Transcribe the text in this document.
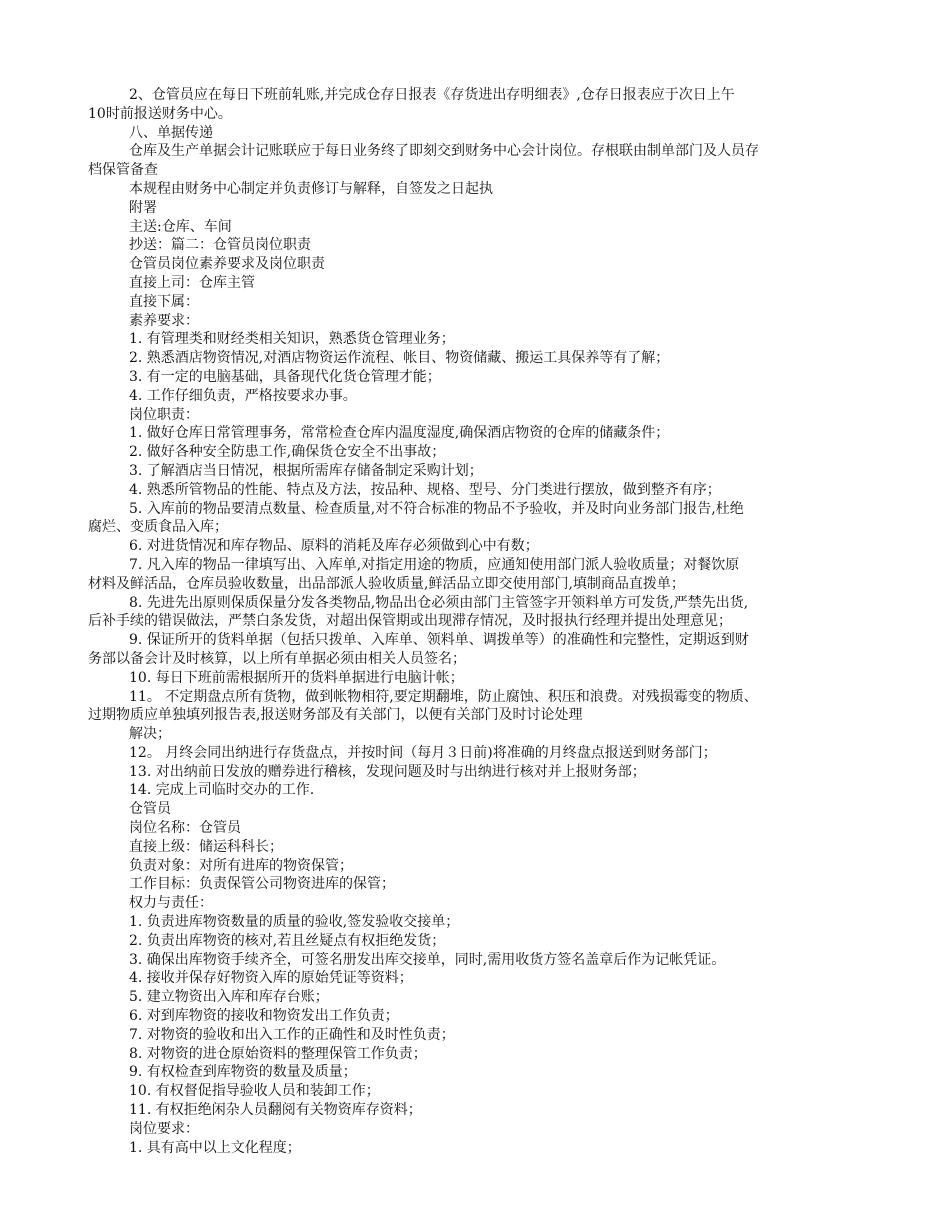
2、仓管员应在每日下班前轧账,并完成仓存日报表《存货进出存明细表》,仓存日报表应于次日上午

10时前报送财务中心。

八、单据传递

仓库及生产单据会计记账联应于每日业务终了即刻交到财务中心会计岗位。存根联由制单部门及人员存

档保管备查

本规程由财务中心制定并负责修订与解释，自签发之日起执

附署

主送:仓库、车间

抄送：篇二：仓管员岗位职责

仓管员岗位素养要求及岗位职责

直接上司：仓库主管

直接下属：

素养要求：

1. 有管理类和财经类相关知识，熟悉货仓管理业务；

2. 熟悉酒店物资情况,对酒店物资运作流程、帐目、物资储藏、搬运工具保养等有了解；

3. 有一定的电脑基础，具备现代化货仓管理才能；

4. 工作仔细负责，严格按要求办事。

岗位职责：

1. 做好仓库日常管理事务，常常检查仓库内温度湿度,确保酒店物资的仓库的储藏条件；

2. 做好各种安全防患工作,确保货仓安全不出事故；

3. 了解酒店当日情况，根据所需库存储备制定采购计划；

4. 熟悉所管物品的性能、特点及方法，按品种、规格、型号、分门类进行摆放，做到整齐有序；

5. 入库前的物品要清点数量、检查质量,对不符合标准的物品不予验收，并及时向业务部门报告,杜绝

腐烂、变质食品入库；

6. 对进货情况和库存物品、原料的消耗及库存必须做到心中有数；

7. 凡入库的物品一律填写出、入库单,对指定用途的物质，应通知使用部门派人验收质量；对餐饮原

材料及鲜活品，仓库员验收数量，出品部派人验收质量,鲜活品立即交使用部门,填制商品直拨单；

8. 先进先出原则保质保量分发各类物品,物品出仓必须由部门主管签字开领料单方可发货,严禁先出货,

后补手续的错误做法，严禁白条发货，对超出保管期或出现滞存情况，及时报执行经理并提出处理意见；

9. 保证所开的货料单据（包括只拨单、入库单、领料单、调拨单等）的准确性和完整性，定期返到财

务部以备会计及时核算，以上所有单据必须由相关人员签名；

10. 每日下班前需根据所开的货料单据进行电脑计帐；

11。 不定期盘点所有货物，做到帐物相符,要定期翻堆，防止腐蚀、积压和浪费。对残损霉变的物质、

过期物质应单独填列报告表,报送财务部及有关部门，以便有关部门及时讨论处理

解决；

12。 月终会同出纳进行存货盘点，并按时间（每月３日前)将准确的月终盘点报送到财务部门；

13. 对出纳前日发放的赠券进行稽核，发现问题及时与出纳进行核对并上报财务部；

14. 完成上司临时交办的工作.

仓管员

岗位名称：仓管员

直接上级：储运科科长；

负责对象：对所有进库的物资保管；

工作目标：负责保管公司物资进库的保管；

权力与责任：

1. 负责进库物资数量的质量的验收,签发验收交接单；

2. 负责出库物资的核对,若且丝疑点有权拒绝发货；

3. 确保出库物资手续齐全，可签名册发出库交接单，同时,需用收货方签名盖章后作为记帐凭证。

4. 接收并保存好物资入库的原始凭证等资料；

5. 建立物资出入库和库存台账；

6. 对到库物资的接收和物资发出工作负责；

7. 对物资的验收和出入工作的正确性和及时性负责；

8. 对物资的进仓原始资料的整理保管工作负责；

9. 有权检查到库物资的数量及质量；

10. 有权督促指导验收人员和装卸工作；

11. 有权拒绝闲杂人员翻阅有关物资库存资料；

岗位要求：

1. 具有高中以上文化程度；
